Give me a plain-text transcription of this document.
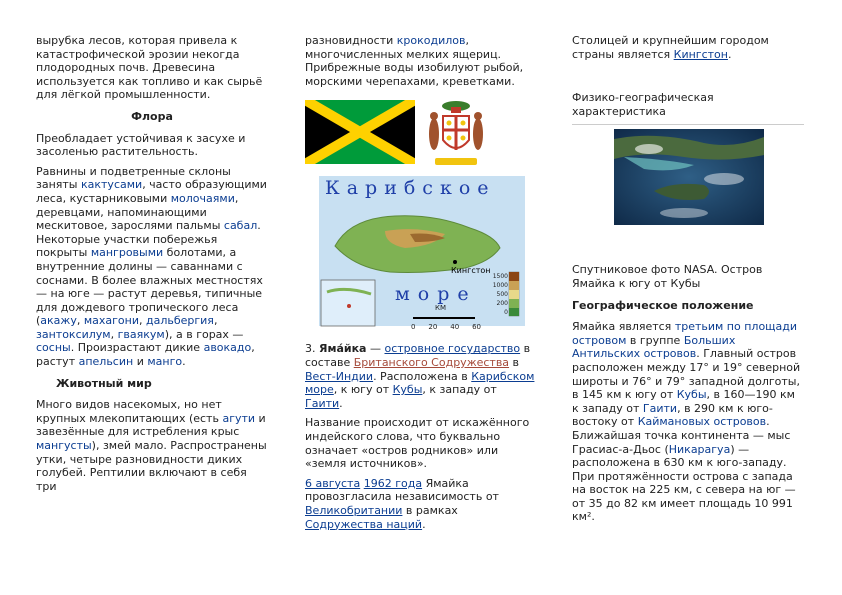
вырубка лесов, которая привела к катастрофической эрозии некогда плодородных почв. Древесина используется как топливо и как сырьё для лёгкой промышленности.

Флора

Преобладает устойчивая к засухе и засоленью растительность.

Равнины и подветренные склоны заняты кактусами, часто образующими леса, кустарниковыми молочаями, деревцами, напоминающими мескитовое, зарослями пальмы сабал. Некоторые участки побережья покрыты мангровыми болотами, а внутренние долины — саваннами с соснами. В более влажных местностях — на юге — растут деревья, типичные для дождевого тропического леса (акажу, махагони, дальбергия, зантоксилум, гваякум), а в горах — сосны. Произрастают дикие авокадо, растут апельсин и манго.

Животный мир

Много видов насекомых, но нет крупных млекопитающих (есть агути и завезённые для истребления крыс мангусты), змей мало. Распространены утки, четыре разновидности диких голубей. Рептилии включают в себя три

разновидности крокодилов, многочисленных мелких ящериц. Прибрежные воды изобилуют рыбой, морскими черепахами, креветками.

Карибское
море
Кингстон
КМ
0 20 40 60
1500
1000
500
200
0

3. Яма́йка — островное государство в составе Британского Содружества в Вест-Индии. Расположена в Карибском море, к югу от Кубы, к западу от Гаити.

Название происходит от искажённого индейского слова, что буквально означает «остров родников» или «земля источников».

6 августа 1962 года Ямайка провозгласила независимость от Великобритании в рамках Содружества наций.

Столицей и крупнейшим городом страны является Кингстон.

Физико-географическая характеристика

Спутниковое фото NASA. Остров Ямайка к югу от Кубы

Географическое положение

Ямайка является третьим по площади островом в группе Больших Антильских островов. Главный остров расположен между 17° и 19° северной широты и 76° и 79° западной долготы, в 145 км к югу от Кубы, в 160—190 км к западу от Гаити, в 290 км к юго-востоку от Каймановых островов. Ближайшая точка континента — мыс Грасиас-а-Дьос (Никарагуа) — расположена в 630 км к юго-западу. При протяжённости острова с запада на восток на 225 км, с севера на юг — от 35 до 82 км имеет площадь 10 991 км².
